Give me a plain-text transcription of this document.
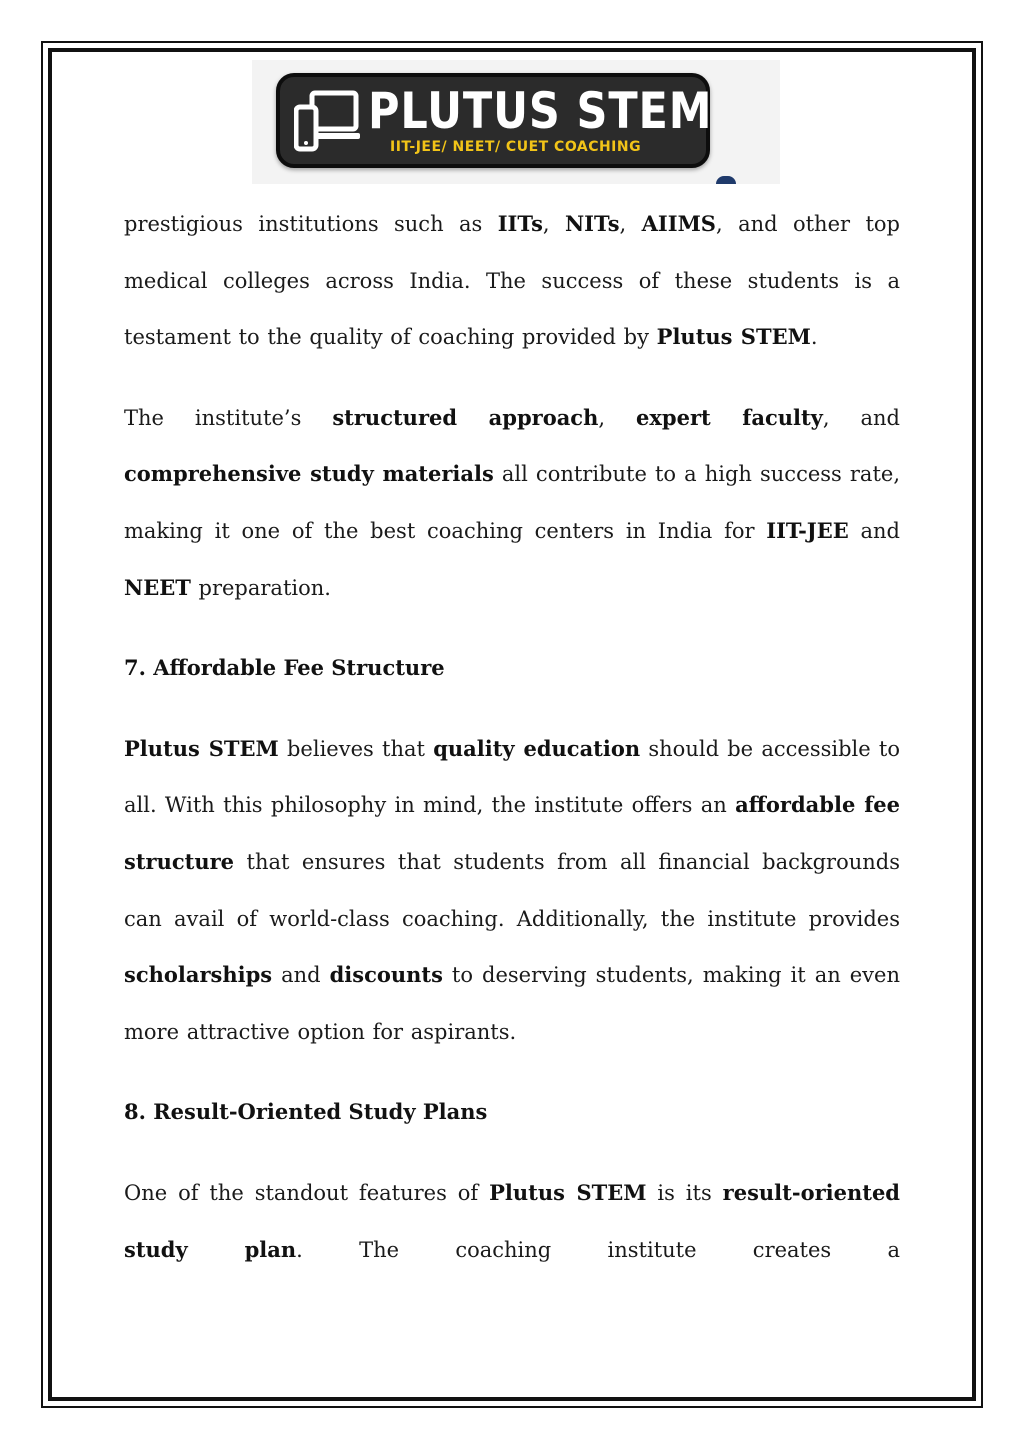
PLUTUS STEM
IIT-JEE/ NEET/ CUET COACHING

prestigious institutions such as IITs, NITs, AIIMS, and other top medical colleges across India. The success of these students is a testament to the quality of coaching provided by Plutus STEM.

The institute’s structured approach, expert faculty, and comprehensive study materials all contribute to a high success rate, making it one of the best coaching centers in India for IIT-JEE and NEET preparation.

7. Affordable Fee Structure

Plutus STEM believes that quality education should be accessible to all. With this philosophy in mind, the institute offers an affordable fee structure that ensures that students from all financial backgrounds can avail of world-class coaching. Additionally, the institute provides scholarships and discounts to deserving students, making it an even more attractive option for aspirants.

8. Result-Oriented Study Plans

One of the standout features of Plutus STEM is its result-oriented study plan. The coaching institute creates a
